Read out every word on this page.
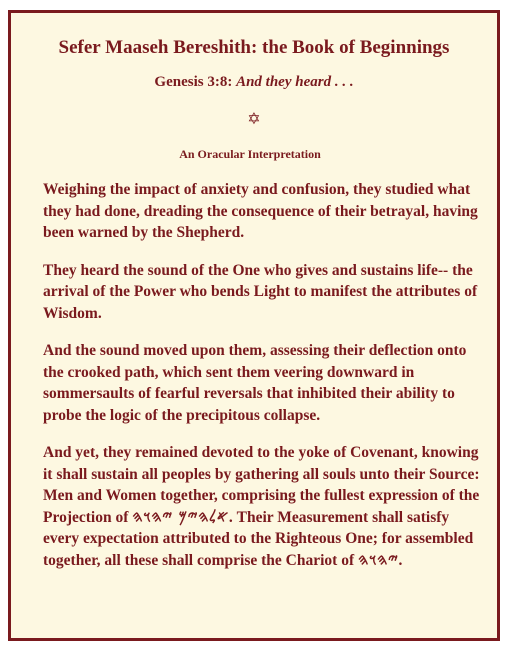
Sefer Maaseh Bereshith: the Book of Beginnings
Genesis 3:8: And they heard . . .
✡
An Oracular Interpretation

Weighing the impact of anxiety and confusion, they studied what they had done, dreading the consequence of their betrayal, having been warned by the Shepherd.

They heard the sound of the One who gives and sustains life-- the arrival of the Power who bends Light to manifest the attributes of Wisdom.

And the sound moved upon them, assessing their deflection onto the crooked path, which sent them veering downward in sommersaults of fearful reversals that inhibited their ability to probe the logic of the precipitous collapse.

And yet, they remained devoted to the yoke of Covenant, knowing it shall sustain all peoples by gathering all souls unto their Source: Men and Women together, comprising the fullest expression of the Projection of 𐤀𐤋𐤄𐤉𐤌 𐤉𐤄𐤅𐤄. Their Measurement shall satisfy every expectation attributed to the Righteous One; for assembled together, all these shall comprise the Chariot of 𐤉𐤄𐤅𐤄.
